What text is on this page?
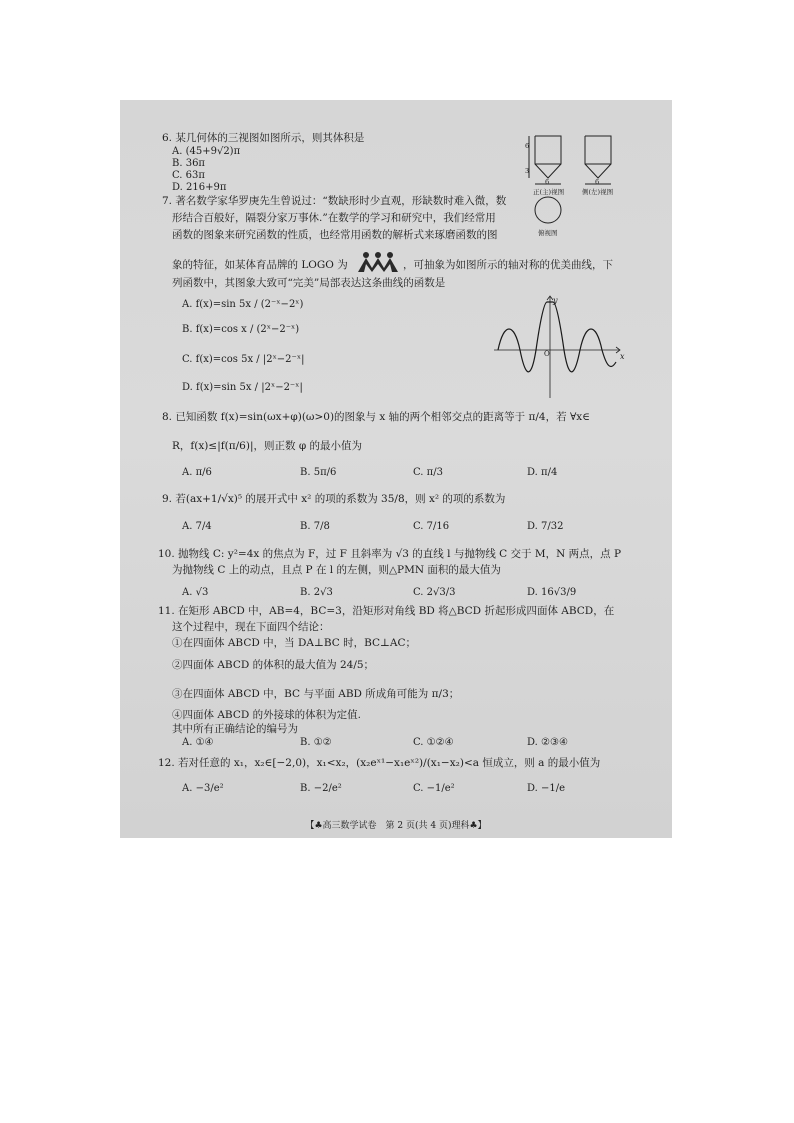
6. 某几何体的三视图如图所示，则其体积是
A. (45+9√2)π
B. 36π
C. 63π
D. 216+9π
6
3
6	6
正(主)视图	侧(左)视图
俯视图
7. 著名数学家华罗庚先生曾说过：“数缺形时少直观，形缺数时难入微，数
形结合百般好，隔裂分家万事休.”在数学的学习和研究中，我们经常用
函数的图象来研究函数的性质，也经常用函数的解析式来琢磨函数的图
象的特征，如某体育品牌的 LOGO 为	，可抽象为如图所示的轴对称的优美曲线，下
列函数中，其图象大致可“完美”局部表达这条曲线的函数是
A. f(x)=sin 5x / (2⁻ˣ−2ˣ)
B. f(x)=cos x / (2ˣ−2⁻ˣ)
C. f(x)=cos 5x / |2ˣ−2⁻ˣ|
D. f(x)=sin 5x / |2ˣ−2⁻ˣ|
y
x
O
8. 已知函数 f(x)=sin(ωx+φ)(ω>0)的图象与 x 轴的两个相邻交点的距离等于 π/4，若 ∀x∈
R，f(x)≤|f(π/6)|，则正数 φ 的最小值为
A. π/6	B. 5π/6	C. π/3	D. π/4
9. 若(ax+1/√x)⁵ 的展开式中 x² 的项的系数为 35/8，则 x² 的项的系数为
A. 7/4	B. 7/8	C. 7/16	D. 7/32
10. 抛物线 C: y²=4x 的焦点为 F，过 F 且斜率为 √3 的直线 l 与抛物线 C 交于 M，N 两点，点 P
为抛物线 C 上的动点，且点 P 在 l 的左侧，则△PMN 面积的最大值为
A. √3	B. 2√3	C. 2√3/3	D. 16√3/9
11. 在矩形 ABCD 中，AB=4，BC=3，沿矩形对角线 BD 将△BCD 折起形成四面体 ABCD，在
这个过程中，现在下面四个结论：
①在四面体 ABCD 中，当 DA⊥BC 时，BC⊥AC；
②四面体 ABCD 的体积的最大值为 24/5；
③在四面体 ABCD 中，BC 与平面 ABD 所成角可能为 π/3；
④四面体 ABCD 的外接球的体积为定值.
其中所有正确结论的编号为
A. ①④	B. ①②	C. ①②④	D. ②③④
12. 若对任意的 x₁，x₂∈[−2,0)，x₁<x₂，(x₂eˣ¹−x₁eˣ²)/(x₁−x₂)<a 恒成立，则 a 的最小值为
A. −3/e²	B. −2/e²	C. −1/e²	D. −1/e
【♣高三数学试卷　第 2 页(共 4 页)理科♣】
